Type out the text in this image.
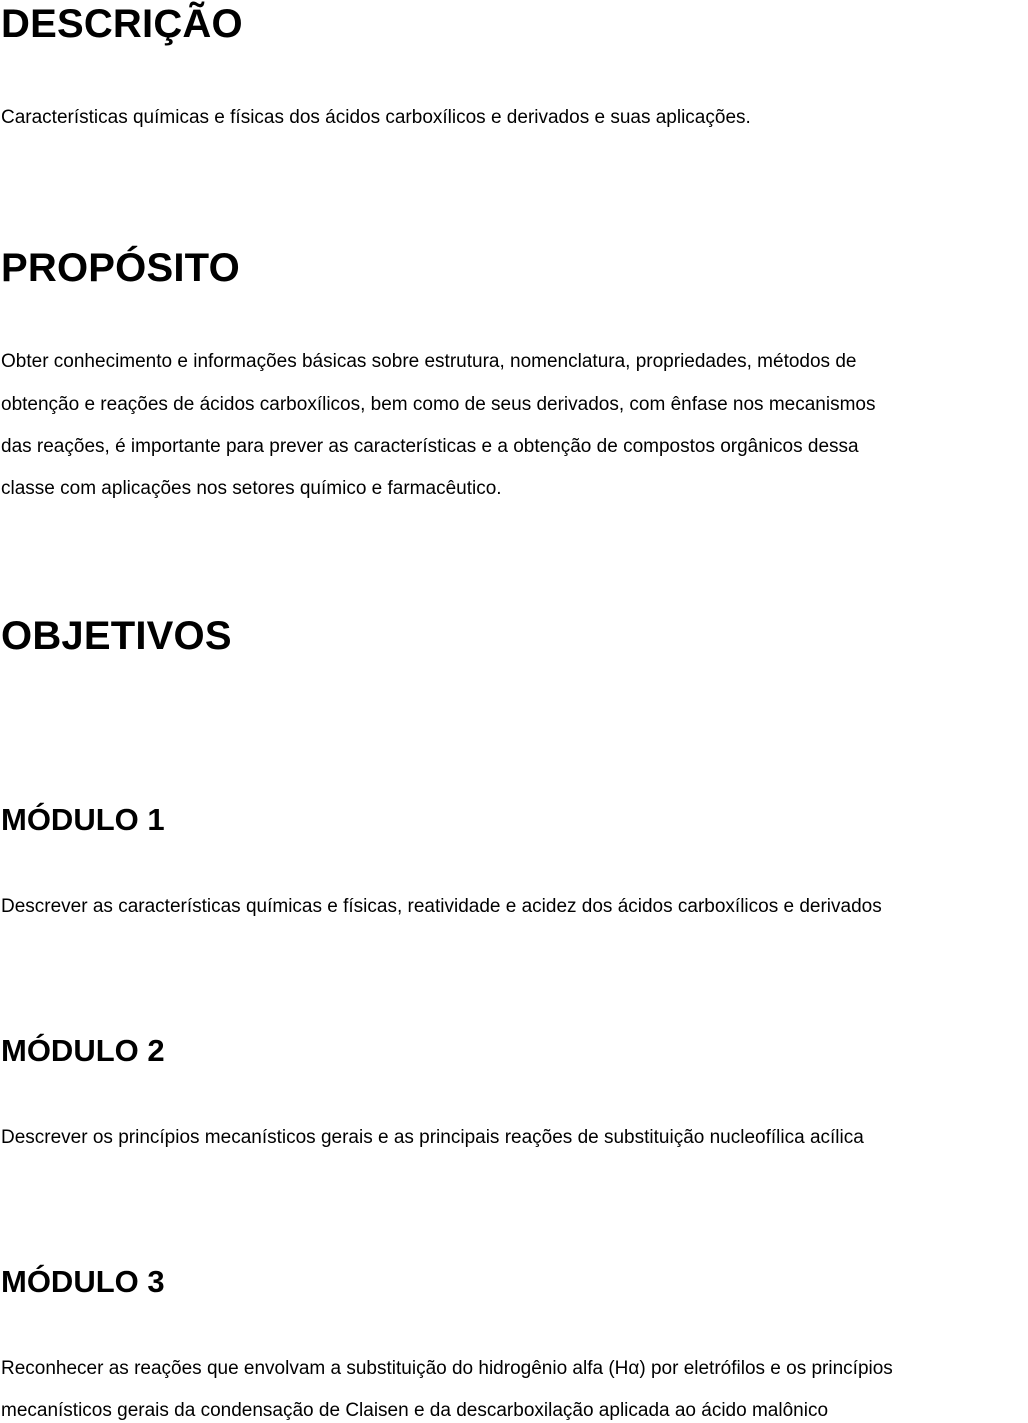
DESCRIÇÃO

Características químicas e físicas dos ácidos carboxílicos e derivados e suas aplicações.

PROPÓSITO

Obter conhecimento e informações básicas sobre estrutura, nomenclatura, propriedades, métodos de

obtenção e reações de ácidos carboxílicos, bem como de seus derivados, com ênfase nos mecanismos

das reações, é importante para prever as características e a obtenção de compostos orgânicos dessa

classe com aplicações nos setores químico e farmacêutico.

OBJETIVOS
MÓDULO 1

Descrever as características químicas e físicas, reatividade e acidez dos ácidos carboxílicos e derivados

MÓDULO 2

Descrever os princípios mecanísticos gerais e as principais reações de substituição nucleofílica acílica

MÓDULO 3

Reconhecer as reações que envolvam a substituição do hidrogênio alfa (Hα) por eletrófilos e os princípios

mecanísticos gerais da condensação de Claisen e da descarboxilação aplicada ao ácido malônico
